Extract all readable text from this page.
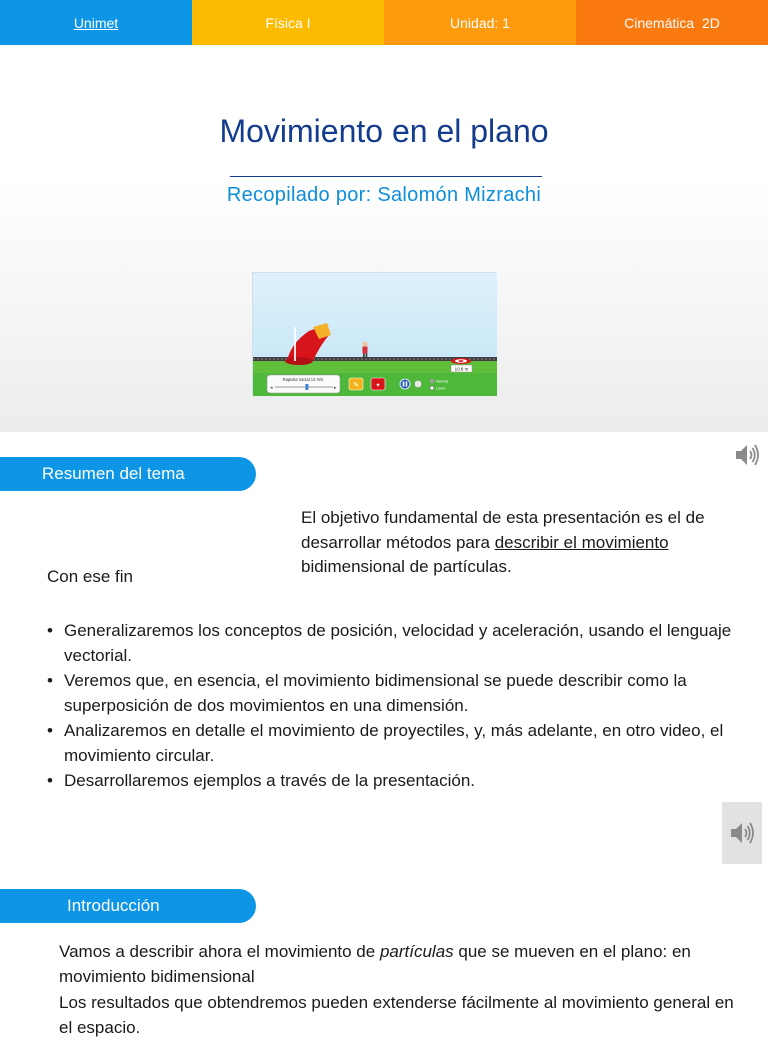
Unimet	Física I	Unidad: 1	Cinemática  2D
Movimiento en el plano
Recopilado por: Salomón Mizrachi
10.8 m
Rapidez inicial 13 m/s
◂	▸ ✎	✦
Normal
Lento
Resumen del tema
El objetivo fundamental de esta presentación es el de desarrollar métodos para describir el movimiento bidimensional de partículas.
Con ese fin
• Generalizaremos los conceptos de posición, velocidad y aceleración, usando el lenguaje vectorial.
• Veremos que, en esencia, el movimiento bidimensional se puede describir como la superposición de dos movimientos en una dimensión.
• Analizaremos en detalle el movimiento de proyectiles, y, más adelante, en otro video, el movimiento circular.
• Desarrollaremos ejemplos a través de la presentación.
Introducción

Vamos a describir ahora el movimiento de partículas que se mueven en el plano: en movimiento bidimensional

Los resultados que obtendremos pueden extenderse fácilmente al movimiento general en el espacio.
